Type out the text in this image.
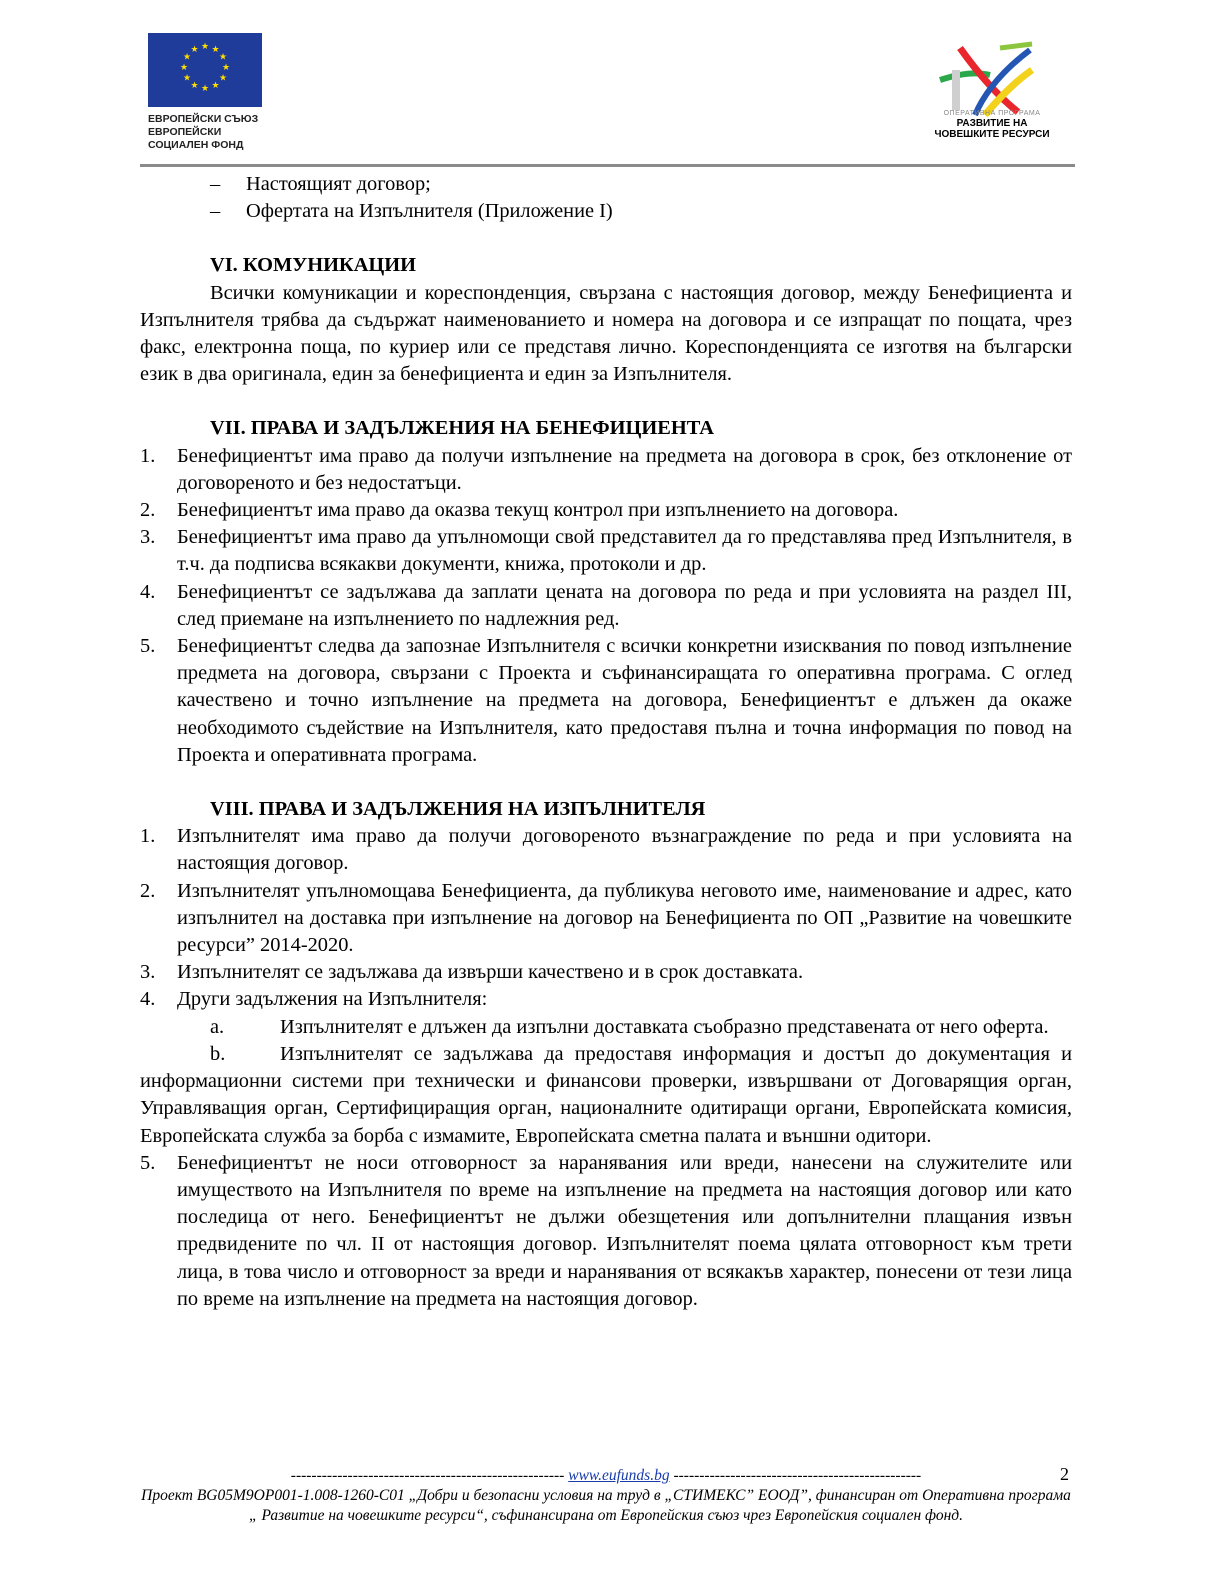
★ ★
★
★
★
★
★
★
★
★
★
★
ЕВРОПЕЙСКИ СЪЮЗ
ЕВРОПЕЙСКИ
СОЦИАЛЕН ФОНД
ОПЕРАТИВНА ПРОГРАМА
РАЗВИТИЕ НА
ЧОВЕШКИТЕ РЕСУРСИ

– Настоящият договор;

– Офертата на Изпълнителя (Приложение I)

VI. КОМУНИКАЦИИ

Всички комуникации и кореспонденция, свързана с настоящия договор, между Бенефициента и Изпълнителя трябва да съдържат наименованието и номера на договора и се изпращат по пощата, чрез факс, електронна поща, по куриер или се представя лично. Кореспонденцията се изготвя на български език в два оригинала, един за бенефициента и един за Изпълнителя.

VII. ПРАВА И ЗАДЪЛЖЕНИЯ НА БЕНЕФИЦИЕНТА

1. Бенефициентът има право да получи изпълнение на предмета на договора в срок, без отклонение от договореното и без недостатъци.

2. Бенефициентът има право да оказва текущ контрол при изпълнението на договора.

3. Бенефициентът има право да упълномощи свой представител да го представлява пред Изпълнителя, в т.ч. да подписва всякакви документи, книжа, протоколи и др.

4. Бенефициентът се задължава да заплати цената на договора по реда и при условията на раздел III, след приемане на изпълнението по надлежния ред.

5. Бенефициентът следва да запознае Изпълнителя с всички конкретни изисквания по повод изпълнение предмета на договора, свързани с Проекта и съфинансиращата го оперативна програма. С оглед качествено и точно изпълнение на предмета на договора, Бенефициентът е длъжен да окаже необходимото съдействие на Изпълнителя, като предоставя пълна и точна информация по повод на Проекта и оперативната програма.

VIII. ПРАВА И ЗАДЪЛЖЕНИЯ НА ИЗПЪЛНИТЕЛЯ

1. Изпълнителят има право да получи договореното възнаграждение по реда и при условията на настоящия договор.

2. Изпълнителят упълномощава Бенефициента, да публикува неговото име, наименование и адрес, като изпълнител на доставка при изпълнение на договор на Бенефициента по ОП „Развитие на човешките ресурси” 2014-2020.

3. Изпълнителят се задължава да извърши качествено и в срок доставката.

4. Други задължения на Изпълнителя:

a.	Изпълнителят е длъжен да изпълни доставката съобразно представената от него оферта.

b.	Изпълнителят се задължава да предоставя информация и достъп до документация и информационни системи при технически и финансови проверки, извършвани от Договарящия орган, Управляващия орган, Сертифициращия орган, националните одитиращи органи, Европейската комисия, Европейската служба за борба с измамите, Европейската сметна палата и външни одитори.

5. Бенефициентът не носи отговорност за наранявания или вреди, нанесени на служителите или имуществото на Изпълнителя по време на изпълнение на предмета на настоящия договор или като последица от него. Бенефициентът не дължи обезщетения или допълнителни плащания извън предвидените по чл. II от настоящия договор. Изпълнителят поема цялата отговорност към трети лица, в това число и отговорност за вреди и наранявания от всякакъв характер, понесени от тези лица по време на изпълнение на предмета на настоящия договор.

2
----------------------------------------------------- www.eufunds.bg ------------------------------------------------
Проект BG05M9OP001-1.008-1260-C01 „Добри и безопасни условия на труд в „СТИМЕКС” ЕООД”, финансиран от Оперативна програма „ Развитие на човешките ресурси“, съфинансирана от Европейския съюз чрез Европейския социален фонд.
